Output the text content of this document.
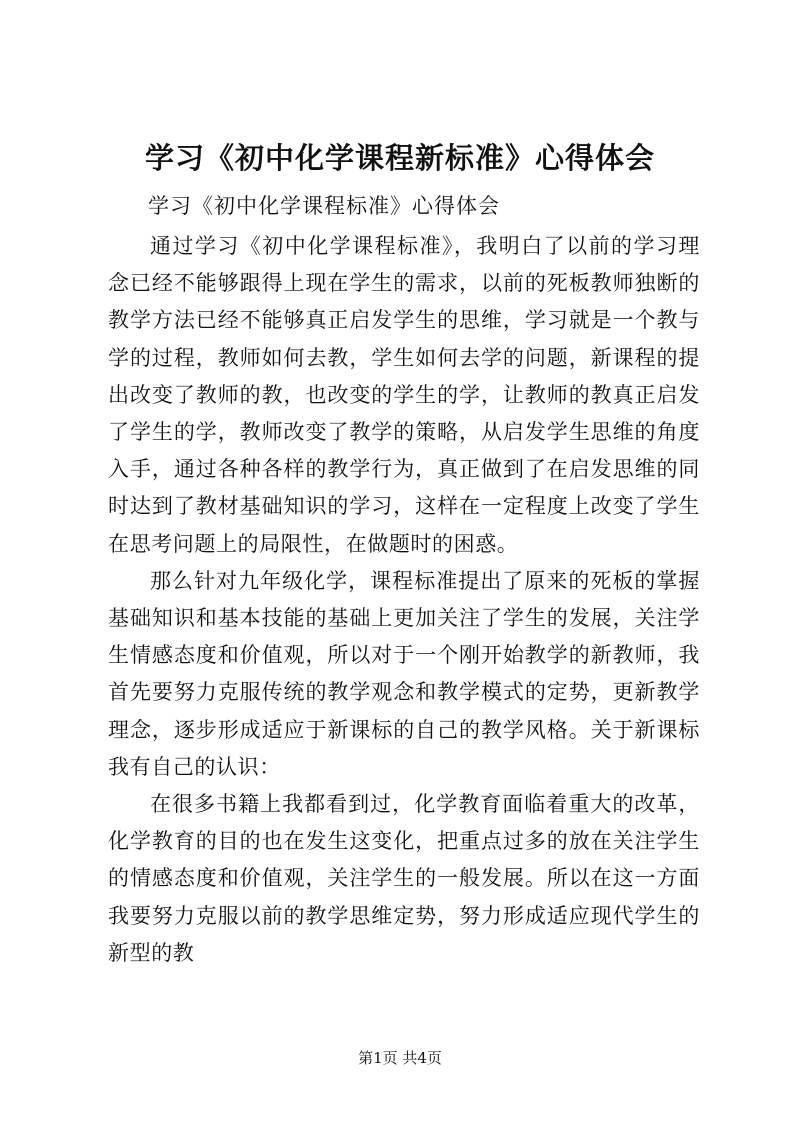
学习《初中化学课程新标准》心得体会

学习《初中化学课程标准》心得体会

通过学习《初中化学课程标准》，我明白了以前的学习理念已经不能够跟得上现在学生的需求，以前的死板教师独断的教学方法已经不能够真正启发学生的思维，学习就是一个教与学的过程，教师如何去教，学生如何去学的问题，新课程的提出改变了教师的教，也改变的学生的学，让教师的教真正启发了学生的学，教师改变了教学的策略，从启发学生思维的角度入手，通过各种各样的教学行为，真正做到了在启发思维的同时达到了教材基础知识的学习，这样在一定程度上改变了学生在思考问题上的局限性，在做题时的困惑。

那么针对九年级化学，课程标准提出了原来的死板的掌握基础知识和基本技能的基础上更加关注了学生的发展，关注学生情感态度和价值观，所以对于一个刚开始教学的新教师，我首先要努力克服传统的教学观念和教学模式的定势，更新教学理念，逐步形成适应于新课标的自己的教学风格。关于新课标我有自己的认识：

在很多书籍上我都看到过，化学教育面临着重大的改革，化学教育的目的也在发生这变化，把重点过多的放在关注学生的情感态度和价值观，关注学生的一般发展。所以在这一方面我要努力克服以前的教学思维定势，努力形成适应现代学生的新型的教

第1页 共4页
